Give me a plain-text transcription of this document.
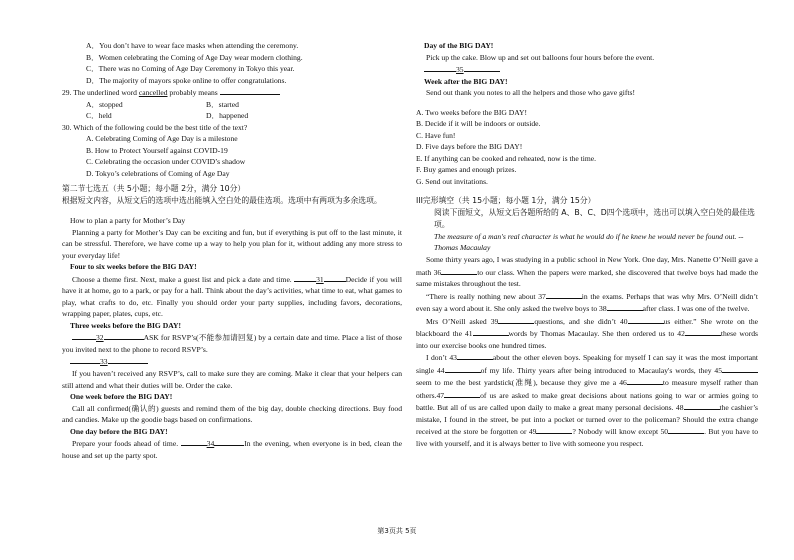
A．You don’t have to wear face masks when attending the ceremony.

B．Women celebrating the Coming of Age Day wear modern clothing.

C．There was no Coming of Age Day Ceremony in Tokyo this year.

D．The majority of mayors spoke online to offer congratulations.

29. The underlined word cancelled probably means

A．stopped	B．started
C．held	D．happened

30. Which of the following could be the best title of the text?

A. Celebrating Coming of Age Day is a milestone

B. How to Protect Yourself against COVID-19

C. Celebrating the occasion under COVID’s shadow

D. Tokyo’s celebrations of Coming of Age Day

第二节七选五（共 5小题；每小题 2分，满分 10分）

根据短文内容，从短文后的选项中选出能填入空白处的最佳选项。选项中有两项为多余选项。

How to plan a party for Mother’s Day

Planning a party for Mother’s Day can be exciting and fun, but if everything is put off to the last minute, it can be stressful. Therefore, we have come up a way to help you plan for it, without adding any more stress to your everyday life!

Four to six weeks before the BIG DAY!

Choose a theme first. Next, make a guest list and pick a date and time.	31	Decide if you will have it at home, go to a park, or pay for a hall. Think about the day’s activities, what time to eat, what games to play, what crafts to do, etc. Finally you should order your party supplies, including favors, decorations, wrapping paper, plates, cups, etc.

Three weeks before the BIG DAY!

32	ASK for RSVP’s(不能参加请回复) by a certain date and time. Place a list of those you invited next to the phone to record RSVP’s.

33

If you haven’t received any RSVP’s, call to make sure they are coming. Make it clear that your helpers can still attend and what their duties will be. Order the cake.

One week before the BIG DAY!

Call all confirmed(确认的) guests and remind them of the big day, double checking directions. Buy food and candies. Make up the goodie bags based on confirmations.

One day before the BIG DAY!

Prepare your foods ahead of time.	34	In the evening, when everyone is in bed, clean the house and set up the party spot.

Day of the BIG DAY!

Pick up the cake. Blow up and set out balloons four hours before the event.

35

Week after the BIG DAY!

Send out thank you notes to all the helpers and those who gave gifts!

A. Two weeks before the BIG DAY!

B. Decide if it will be indoors or outside.

C. Have fun!

D. Five days before the BIG DAY!

E. If anything can be cooked and reheated, now is the time.

F. Buy games and enough prizes.

G. Send out invitations.

III完形填空（共 15小题；每小题 1分，满分 15分）

阅读下面短文，从短文后各题所给的 A、B、C、D四个选项中，选出可以填入空白处的最佳选项。

The measure of a man's real character is what he would do if he knew he would never be found out. --Thomas Macaulay

Some thirty years ago, I was studying in a public school in New York. One day, Mrs. Nanette O’Neill gave a math 36	to our class. When the papers were marked, she discovered that twelve boys had made the same mistakes throughout the test.

“There is really nothing new about 37	in the exams. Perhaps that was why Mrs. O’Neill didn’t even say a word about it. She only asked the twelve boys to 38	after class. I was one of the twelve.

Mrs O’Neill asked 39	questions, and she didn’t 40	us either.” She wrote on the blackboard the 41	words by Thomas Macaulay. She then ordered us to 42	these words into our exercise books one hundred times.

I don’t 43	about the other eleven boys. Speaking for myself I can say it was the most important single 44	of my life. Thirty years after being introduced to Macaulay's words, they 45seem to me the best yardstick(准绳), because they give me a 46	to measure myself rather than others.47	of us are asked to make great decisions about nations going to war or armies going to battle. But all of us are called upon daily to make a great many personal decisions. 48	the cashier’s mistake, I found in the street, be put into a pocket or turned over to the policeman? Should the extra change received at the store be forgotten or 49	? Nobody will know except 50	. But you have to live with yourself, and it is always better to live with someone you respect.

第3页共 5页
